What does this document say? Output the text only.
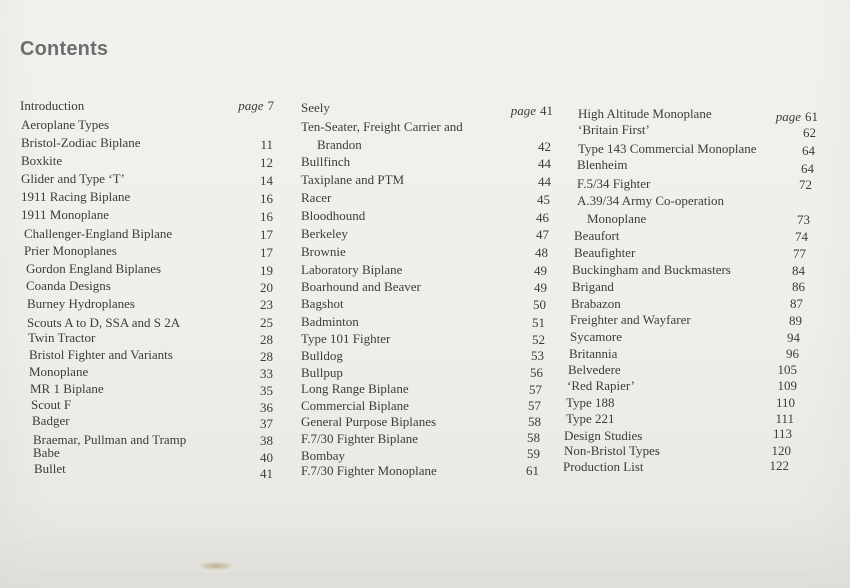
Contents
Introduction	page 7
Aeroplane Types
Bristol-Zodiac Biplane	11
Boxkite	12
Glider and Type ‘T’	14
1911 Racing Biplane	16
1911 Monoplane	16
Challenger-England Biplane	17
Prier Monoplanes	17
Gordon England Biplanes	19
Coanda Designs	20
Burney Hydroplanes	23
Scouts A to D, SSA and S 2A	25
Twin Tractor	28
Bristol Fighter and Variants	28
Monoplane	33
MR 1 Biplane	35
Scout F	36
Badger	37
Braemar, Pullman and Tramp	38
Babe	40
Bullet	41
Seely	page 41
Ten-Seater, Freight Carrier and
Brandon	42
Bullfinch	44
Taxiplane and PTM	44
Racer	45
Bloodhound	46
Berkeley	47
Brownie	48
Laboratory Biplane	49
Boarhound and Beaver	49
Bagshot	50
Badminton	51
Type 101 Fighter	52
Bulldog	53
Bullpup	56
Long Range Biplane	57
Commercial Biplane	57
General Purpose Biplanes	58
F.7/30 Fighter Biplane	58
Bombay	59
F.7/30 Fighter Monoplane	61
High Altitude Monoplane	page 61
‘Britain First’	62
Type 143 Commercial Monoplane	64
Blenheim	64
F.5/34 Fighter	72
A.39/34 Army Co-operation
Monoplane	73
Beaufort	74
Beaufighter	77
Buckingham and Buckmasters	84
Brigand	86
Brabazon	87
Freighter and Wayfarer	89
Sycamore	94
Britannia	96
Belvedere	105
‘Red Rapier’	109
Type 188	110
Type 221	111
Design Studies	113
Non-Bristol Types	120
Production List	122
